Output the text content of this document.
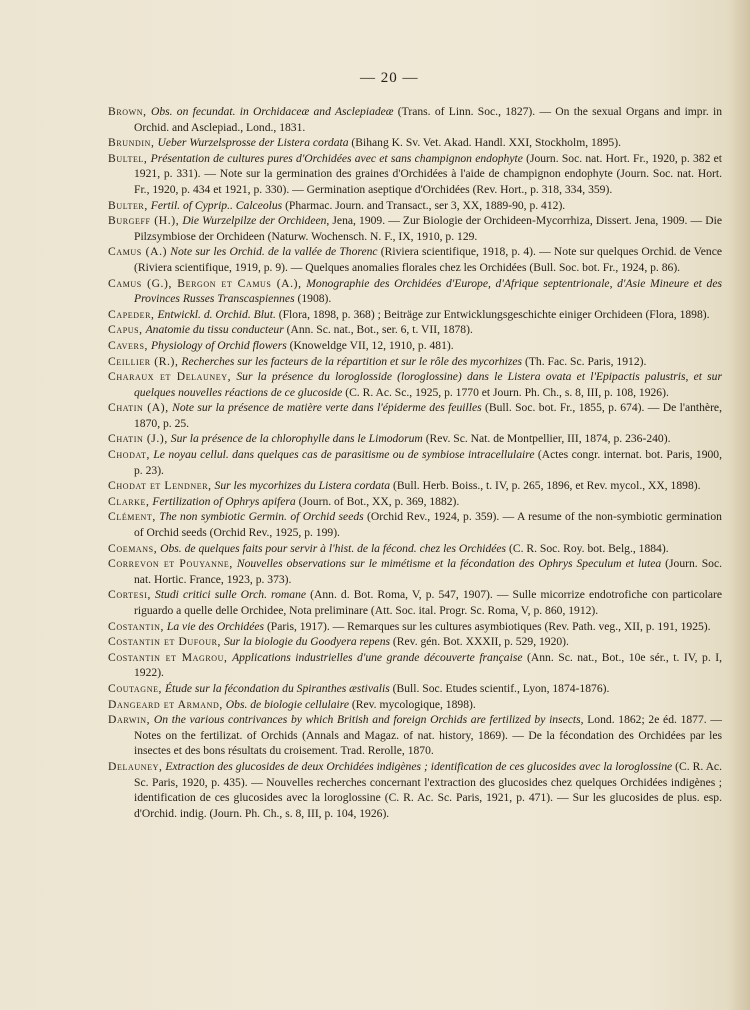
— 20 —

Brown, Obs. on fecundat. in Orchidaceæ and Asclepiadeæ (Trans. of Linn. Soc., 1827). — On the sexual Organs and impr. in Orchid. and Asclepiad., Lond., 1831.

Brundin, Ueber Wurzelsprosse der Listera cordata (Bihang K. Sv. Vet. Akad. Handl. XXI, Stockholm, 1895).

Bultel, Présentation de cultures pures d'Orchidées avec et sans champignon endophyte (Journ. Soc. nat. Hort. Fr., 1920, p. 382 et 1921, p. 331). — Note sur la germination des graines d'Orchidées à l'aide de champignon endophyte (Journ. Soc. nat. Hort. Fr., 1920, p. 434 et 1921, p. 330). — Germination aseptique d'Orchidées (Rev. Hort., p. 318, 334, 359).

Bulter, Fertil. of Cyprip.. Calceolus (Pharmac. Journ. and Transact., ser 3, XX, 1889-90, p. 412).

Burgeff (H.), Die Wurzelpilze der Orchideen, Jena, 1909. — Zur Biologie der Orchideen-Mycorrhiza, Dissert. Jena, 1909. — Die Pilzsymbiose der Orchideen (Naturw. Wochensch. N. F., IX, 1910, p. 129.

Camus (A.) Note sur les Orchid. de la vallée de Thorenc (Riviera scientifique, 1918, p. 4). — Note sur quelques Orchid. de Vence (Riviera scientifique, 1919, p. 9). — Quelques anomalies florales chez les Orchidées (Bull. Soc. bot. Fr., 1924, p. 86).

Camus (G.), Bergon et Camus (A.), Monographie des Orchidées d'Europe, d'Afrique septentrionale, d'Asie Mineure et des Provinces Russes Transcaspiennes (1908).

Capeder, Entwickl. d. Orchid. Blut. (Flora, 1898, p. 368) ; Beiträge zur Entwicklungsgeschichte einiger Orchideen (Flora, 1898).

Capus, Anatomie du tissu conducteur (Ann. Sc. nat., Bot., ser. 6, t. VII, 1878).

Cavers, Physiology of Orchid flowers (Knoweldge VII, 12, 1910, p. 481).

Ceillier (R.), Recherches sur les facteurs de la répartition et sur le rôle des mycorhizes (Th. Fac. Sc. Paris, 1912).

Charaux et Delauney, Sur la présence du loroglosside (loroglossine) dans le Listera ovata et l'Epipactis palustris, et sur quelques nouvelles réactions de ce glucoside (C. R. Ac. Sc., 1925, p. 1770 et Journ. Ph. Ch., s. 8, III, p. 108, 1926).

Chatin (A), Note sur la présence de matière verte dans l'épiderme des feuilles (Bull. Soc. bot. Fr., 1855, p. 674). — De l'anthère, 1870, p. 25.

Chatin (J.), Sur la présence de la chlorophylle dans le Limodorum (Rev. Sc. Nat. de Montpellier, III, 1874, p. 236-240).

Chodat, Le noyau cellul. dans quelques cas de parasitisme ou de symbiose intracellulaire (Actes congr. internat. bot. Paris, 1900, p. 23).

Chodat et Lendner, Sur les mycorhizes du Listera cordata (Bull. Herb. Boiss., t. IV, p. 265, 1896, et Rev. mycol., XX, 1898).

Clarke, Fertilization of Ophrys apifera (Journ. of Bot., XX, p. 369, 1882).

Clément, The non symbiotic Germin. of Orchid seeds (Orchid Rev., 1924, p. 359). — A resume of the non-symbiotic germination of Orchid seeds (Orchid Rev., 1925, p. 199).

Coemans, Obs. de quelques faits pour servir à l'hist. de la fécond. chez les Orchidées (C. R. Soc. Roy. bot. Belg., 1884).

Correvon et Pouyanne, Nouvelles observations sur le mimétisme et la fécondation des Ophrys Speculum et lutea (Journ. Soc. nat. Hortic. France, 1923, p. 373).

Cortesi, Studi critici sulle Orch. romane (Ann. d. Bot. Roma, V, p. 547, 1907). — Sulle micorrize endotrofiche con particolare riguardo a quelle delle Orchidee, Nota preliminare (Att. Soc. ital. Progr. Sc. Roma, V, p. 860, 1912).

Costantin, La vie des Orchidées (Paris, 1917). — Remarques sur les cultures asymbiotiques (Rev. Path. veg., XII, p. 191, 1925).

Costantin et Dufour, Sur la biologie du Goodyera repens (Rev. gén. Bot. XXXII, p. 529, 1920).

Costantin et Magrou, Applications industrielles d'une grande découverte française (Ann. Sc. nat., Bot., 10e sér., t. IV, p. I, 1922).

Coutagne, Étude sur la fécondation du Spiranthes æstivalis (Bull. Soc. Etudes scientif., Lyon, 1874-1876).

Dangeard et Armand, Obs. de biologie cellulaire (Rev. mycologique, 1898).

Darwin, On the various contrivances by which British and foreign Orchids are fertilized by insects, Lond. 1862; 2e éd. 1877. — Notes on the fertilizat. of Orchids (Annals and Magaz. of nat. history, 1869). — De la fécondation des Orchidées par les insectes et des bons résultats du croisement. Trad. Rerolle, 1870.

Delauney, Extraction des glucosides de deux Orchidées indigènes ; identification de ces glucosides avec la loroglossine (C. R. Ac. Sc. Paris, 1920, p. 435). — Nouvelles recherches concernant l'extraction des glucosides chez quelques Orchidées indigènes ; identification de ces glucosides avec la loroglossine (C. R. Ac. Sc. Paris, 1921, p. 471). — Sur les glucosides de plus. esp. d'Orchid. indig. (Journ. Ph. Ch., s. 8, III, p. 104, 1926).
